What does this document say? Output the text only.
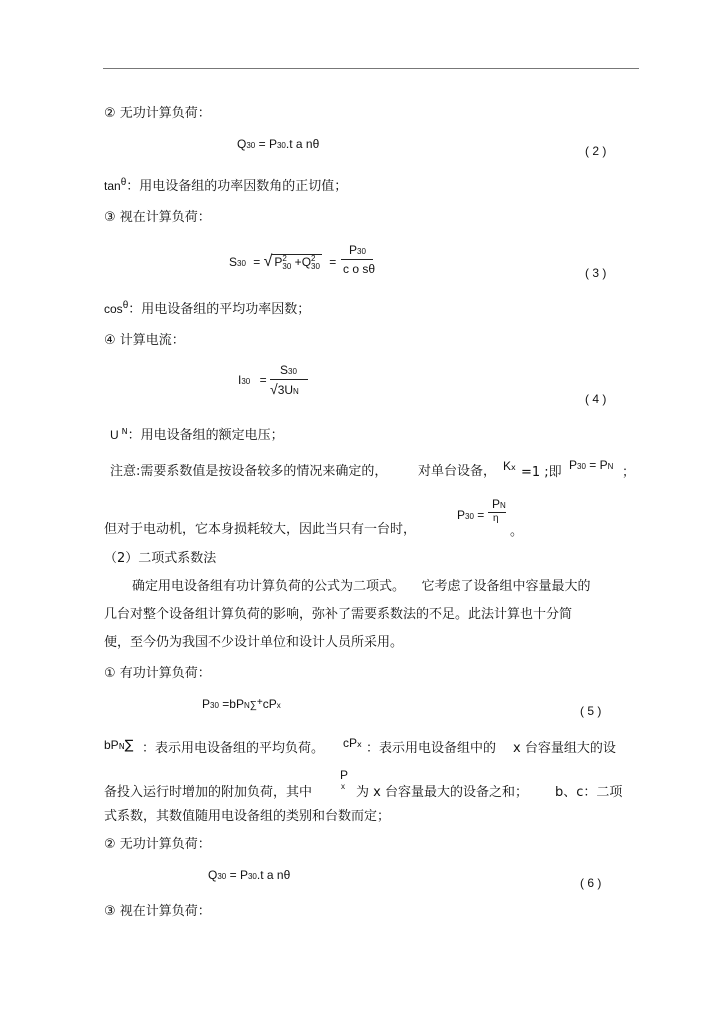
② 无功计算负荷：
Q30 = P30.t a nθ	( 2 )
$\tan^\theta$：用电设备组的功率因数角的正切值；
③ 视在计算负荷：
S30 = √ P 2
30 +Q 2
30 =
P30
c o sθ	( 3 )
$\cos^\theta$：用电设备组的平均功率因数；
④ 计算电流：
I30 =
S30
√3UN
( 4 )
U $^N$：用电设备组的额定电压；
注意:需要系数值是按设备较多的情况来确定的， 对单台设备， Kx =1 ;即 P30 = PN ；
P30 =
PN
η
但对于电动机，它本身损耗较大，因此当只有一台时，	。
（2）二项式系数法
确定用电设备组有功计算负荷的公式为二项式。    它考虑了设备组中容量最大的
几台对整个设备组计算负荷的影响，弥补了需要系数法的不足。此法计算也十分简
便，至今仍为我国不少设计单位和设计人员所采用。
① 有功计算负荷：
P30 =bPN∑+cPx	( 5 )
bPN∑ ：表示用电设备组的平均负荷。 cPx ：表示用电设备组中的 x 台容量组大的设
$P_x$
备投入运行时增加的附加负荷，其中	为 x 台容量最大的设备之和； b、c：二项
式系数，其数值随用电设备组的类别和台数而定；
② 无功计算负荷：
Q30 = P30.t a nθ
( 6 )
③ 视在计算负荷：
